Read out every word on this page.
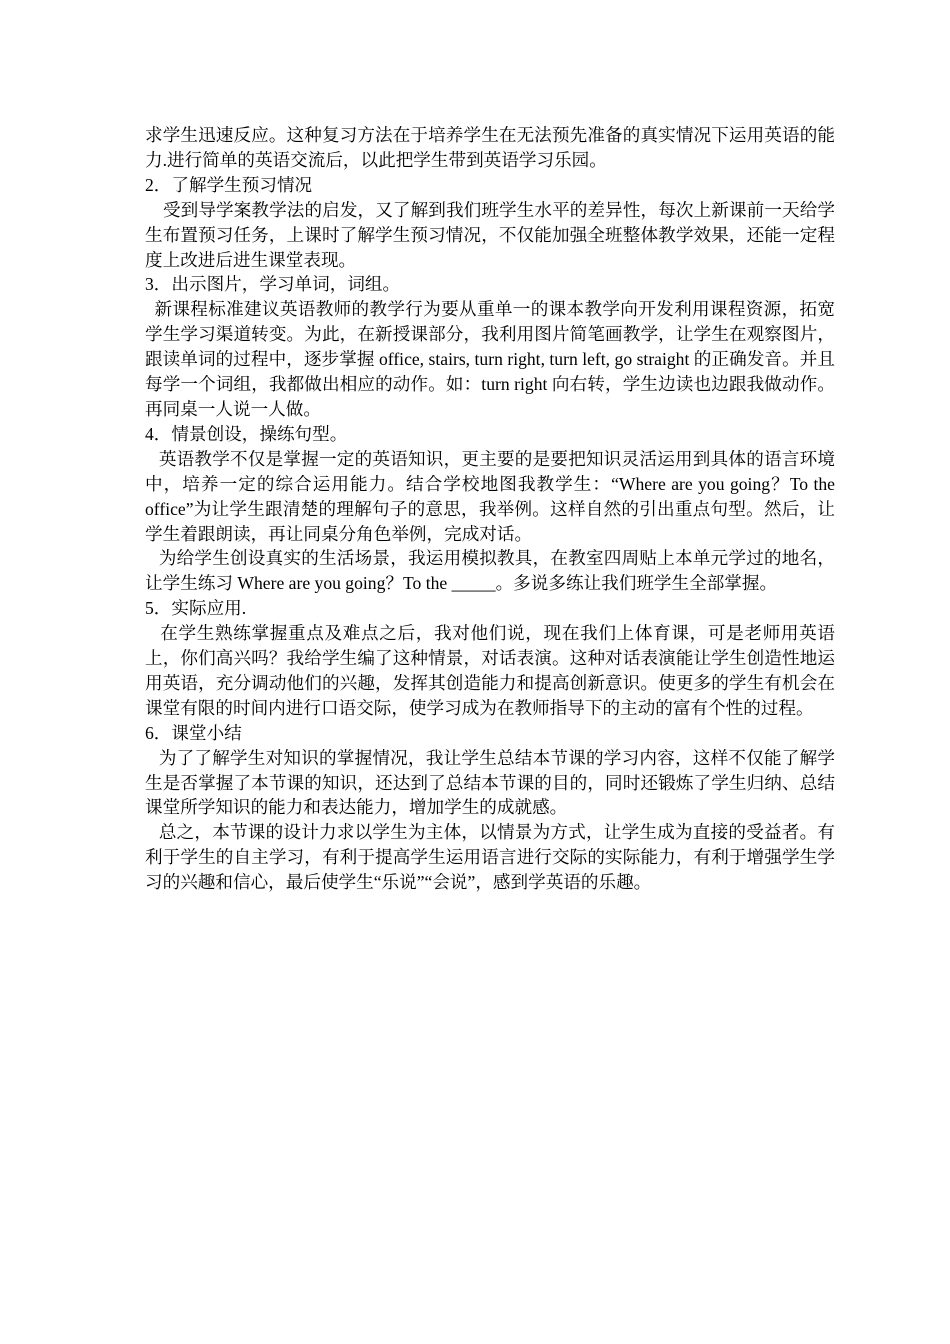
求学生迅速反应。这种复习方法在于培养学生在无法预先准备的真实情况下运用英语的能力.进行简单的英语交流后，以此把学生带到英语学习乐园。

2．了解学生预习情况

受到导学案教学法的启发，又了解到我们班学生水平的差异性，每次上新课前一天给学生布置预习任务，上课时了解学生预习情况，不仅能加强全班整体教学效果，还能一定程度上改进后进生课堂表现。

3．出示图片，学习单词，词组。

新课程标准建议英语教师的教学行为要从重单一的课本教学向开发利用课程资源，拓宽学生学习渠道转变。为此，在新授课部分，我利用图片简笔画教学，让学生在观察图片，跟读单词的过程中，逐步掌握 office, stairs, turn right, turn left, go straight 的正确发音。并且每学一个词组，我都做出相应的动作。如：turn right 向右转，学生边读也边跟我做动作。再同桌一人说一人做。

4．情景创设，操练句型。

英语教学不仅是掌握一定的英语知识，更主要的是要把知识灵活运用到具体的语言环境中，培养一定的综合运用能力。结合学校地图我教学生：“Where are you going？To the office”为让学生跟清楚的理解句子的意思，我举例。这样自然的引出重点句型。然后，让学生着跟朗读，再让同桌分角色举例，完成对话。

为给学生创设真实的生活场景，我运用模拟教具，在教室四周贴上本单元学过的地名，让学生练习 Where are you going？To the _____。多说多练让我们班学生全部掌握。

5．实际应用.

在学生熟练掌握重点及难点之后，我对他们说，现在我们上体育课，可是老师用英语上，你们高兴吗？我给学生编了这种情景，对话表演。这种对话表演能让学生创造性地运用英语，充分调动他们的兴趣，发挥其创造能力和提高创新意识。使更多的学生有机会在课堂有限的时间内进行口语交际，使学习成为在教师指导下的主动的富有个性的过程。

6．课堂小结

为了了解学生对知识的掌握情况，我让学生总结本节课的学习内容，这样不仅能了解学生是否掌握了本节课的知识，还达到了总结本节课的目的，同时还锻炼了学生归纳、总结课堂所学知识的能力和表达能力，增加学生的成就感。

总之，本节课的设计力求以学生为主体，以情景为方式，让学生成为直接的受益者。有利于学生的自主学习，有利于提高学生运用语言进行交际的实际能力，有利于增强学生学习的兴趣和信心，最后使学生“乐说”“会说”，感到学英语的乐趣。
